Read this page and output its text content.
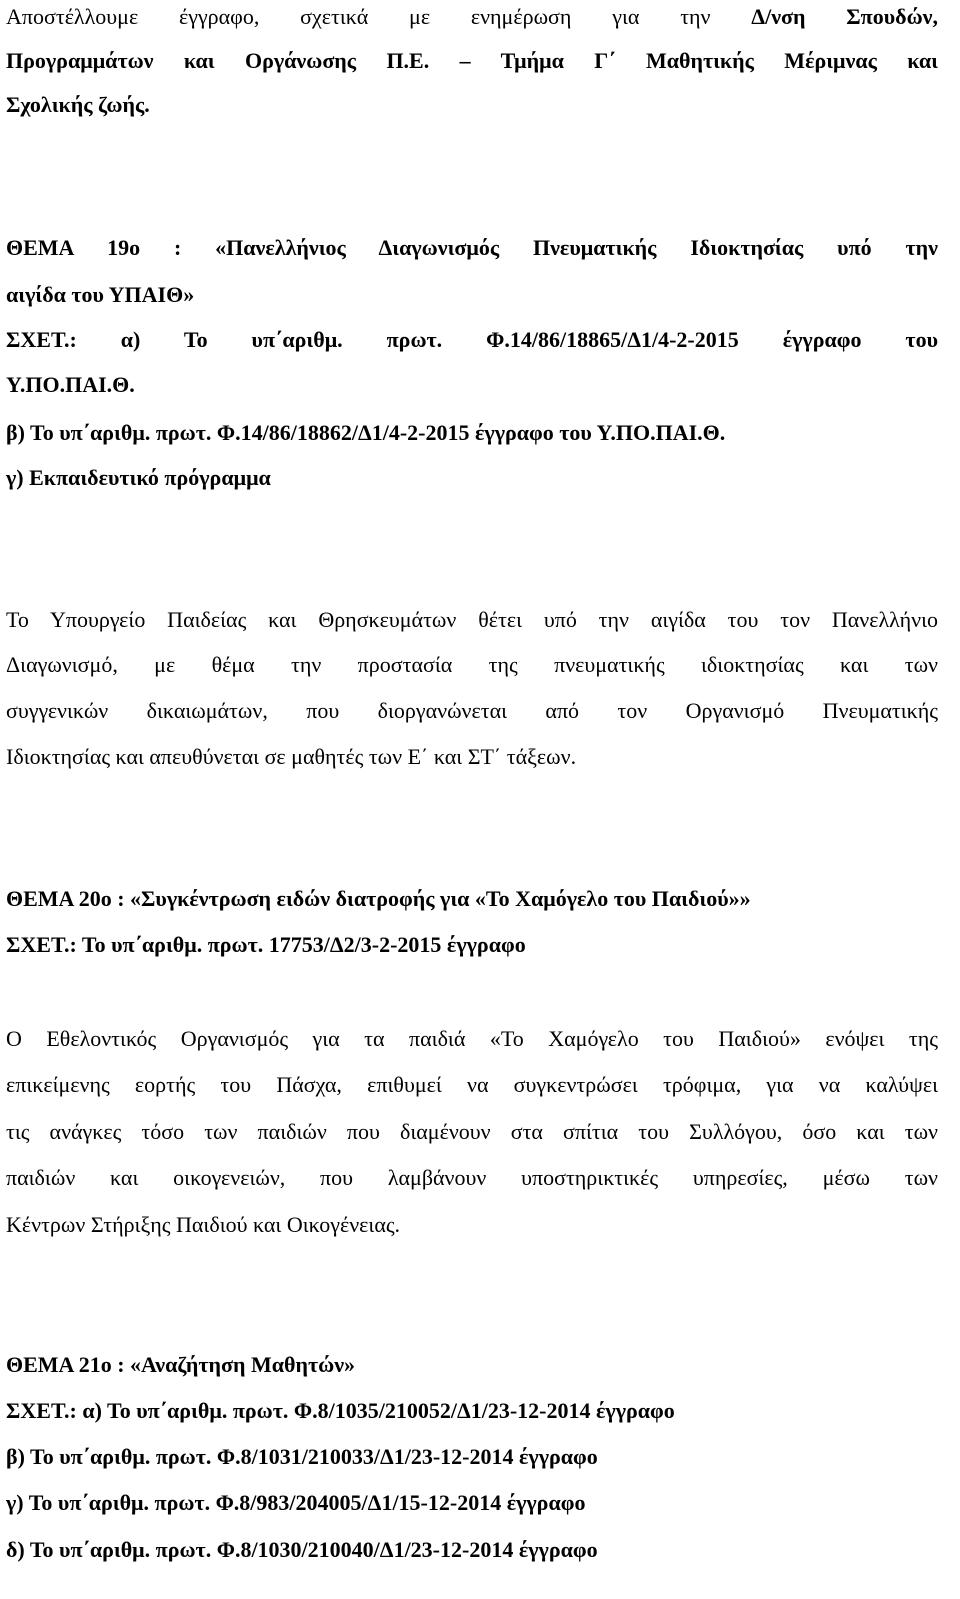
Αποστέλλουμε έγγραφο, σχετικά με ενημέρωση για την Δ/νση Σπουδών,
Προγραμμάτων και Οργάνωσης Π.Ε. – Τμήμα Γ΄ Μαθητικής Μέριμνας και
Σχολικής ζωής.
ΘΕΜΑ 19ο : «Πανελλήνιος Διαγωνισμός Πνευματικής Ιδιοκτησίας υπό την
αιγίδα του ΥΠΑΙΘ»
ΣΧΕΤ.: α) Το υπ΄αριθμ. πρωτ. Φ.14/86/18865/Δ1/4-2-2015 έγγραφο του
Υ.ΠΟ.ΠΑΙ.Θ.
β) Το υπ΄αριθμ. πρωτ. Φ.14/86/18862/Δ1/4-2-2015 έγγραφο του Υ.ΠΟ.ΠΑΙ.Θ.
γ) Εκπαιδευτικό πρόγραμμα
Το Υπουργείο Παιδείας και Θρησκευμάτων θέτει υπό την αιγίδα του τον Πανελλήνιο
Διαγωνισμό, με θέμα την προστασία της πνευματικής ιδιοκτησίας και των
συγγενικών δικαιωμάτων, που διοργανώνεται από τον Οργανισμό Πνευματικής
Ιδιοκτησίας και απευθύνεται σε μαθητές των Ε΄ και ΣΤ΄ τάξεων.
ΘΕΜΑ 20ο : «Συγκέντρωση ειδών διατροφής για «Το Χαμόγελο του Παιδιού»»
ΣΧΕΤ.: Το υπ΄αριθμ. πρωτ. 17753/Δ2/3-2-2015 έγγραφο
Ο Εθελοντικός Οργανισμός για τα παιδιά «Το Χαμόγελο του Παιδιού» ενόψει της
επικείμενης εορτής του Πάσχα, επιθυμεί να συγκεντρώσει τρόφιμα, για να καλύψει
τις ανάγκες τόσο των παιδιών που διαμένουν στα σπίτια του Συλλόγου, όσο και των
παιδιών και οικογενειών, που λαμβάνουν υποστηρικτικές υπηρεσίες, μέσω των
Κέντρων Στήριξης Παιδιού και Οικογένειας.
ΘΕΜΑ 21ο : «Αναζήτηση Μαθητών»
ΣΧΕΤ.: α) Το υπ΄αριθμ. πρωτ. Φ.8/1035/210052/Δ1/23-12-2014 έγγραφο
β) Το υπ΄αριθμ. πρωτ. Φ.8/1031/210033/Δ1/23-12-2014 έγγραφο
γ) Το υπ΄αριθμ. πρωτ. Φ.8/983/204005/Δ1/15-12-2014 έγγραφο
δ) Το υπ΄αριθμ. πρωτ. Φ.8/1030/210040/Δ1/23-12-2014 έγγραφο
